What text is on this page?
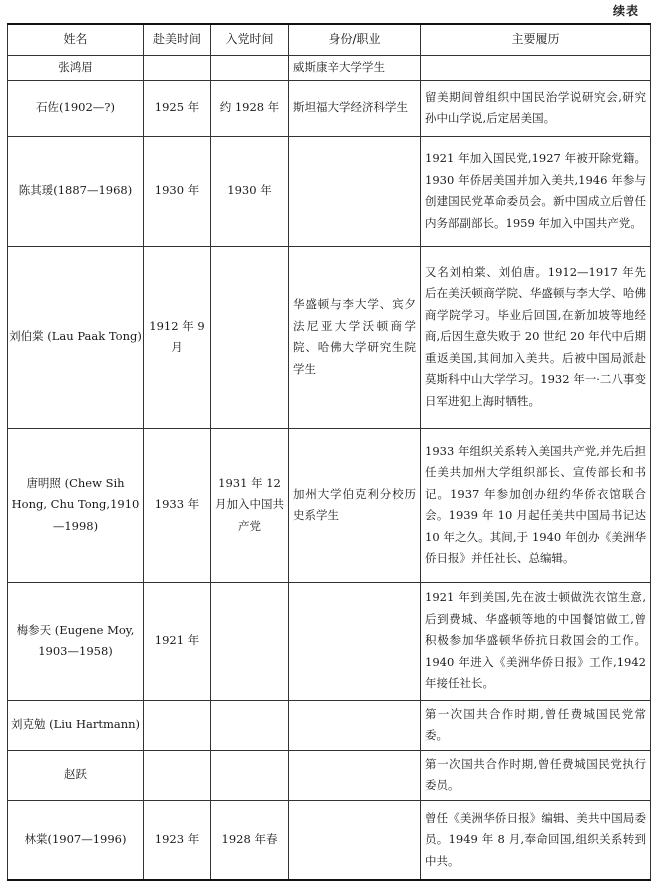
续表
姓名	赴美时间	入党时间	身份/职业	主要履历
张鸿眉			威斯康辛大学学生	
石佐(1902—?)	1925 年	约 1928 年	斯坦福大学经济科学生	留美期间曾组织中国民治学说研究会,研究孙中山学说,后定居美国。
陈其瑗(1887—1968)	1930 年	1930 年		1921 年加入国民党,1927 年被开除党籍。1930 年侨居美国并加入美共,1946 年参与创建国民党革命委员会。新中国成立后曾任内务部副部长。1959 年加入中国共产党。
刘伯棠 (Lau Paak Tong)	1912 年 9 月		华盛顿与李大学、宾夕法尼亚大学沃顿商学院、哈佛大学研究生院学生	又名刘柏棠、刘伯唐。1912—1917 年先后在美沃顿商学院、华盛顿与李大学、哈佛商学院学习。毕业后回国,在新加坡等地经商,后因生意失败于 20 世纪 20 年代中后期重返美国,其间加入美共。后被中国局派赴莫斯科中山大学学习。1932 年一·二八事变日军进犯上海时牺牲。
唐明照 (Chew Sih Hong, Chu Tong,1910—1998)	1933 年	1931 年 12 月加入中国共产党	加州大学伯克利分校历史系学生	1933 年组织关系转入美国共产党,并先后担任美共加州大学组织部长、宣传部长和书记。1937 年参加创办纽约华侨衣馆联合会。1939 年 10 月起任美共中国局书记达 10 年之久。其间,于 1940 年创办《美洲华侨日报》并任社长、总编辑。
梅参天 (Eugene Moy, 1903—1958)	1921 年			1921 年到美国,先在波士顿做洗衣馆生意,后到费城、华盛顿等地的中国餐馆做工,曾积极参加华盛顿华侨抗日救国会的工作。1940 年进入《美洲华侨日报》工作,1942 年接任社长。
刘克勉 (Liu Hartmann)				第一次国共合作时期,曾任费城国民党常委。
赵跃				第一次国共合作时期,曾任费城国民党执行委员。
林棠(1907—1996)	1923 年	1928 年春		曾任《美洲华侨日报》编辑、美共中国局委员。1949 年 8 月,奉命回国,组织关系转到中共。
